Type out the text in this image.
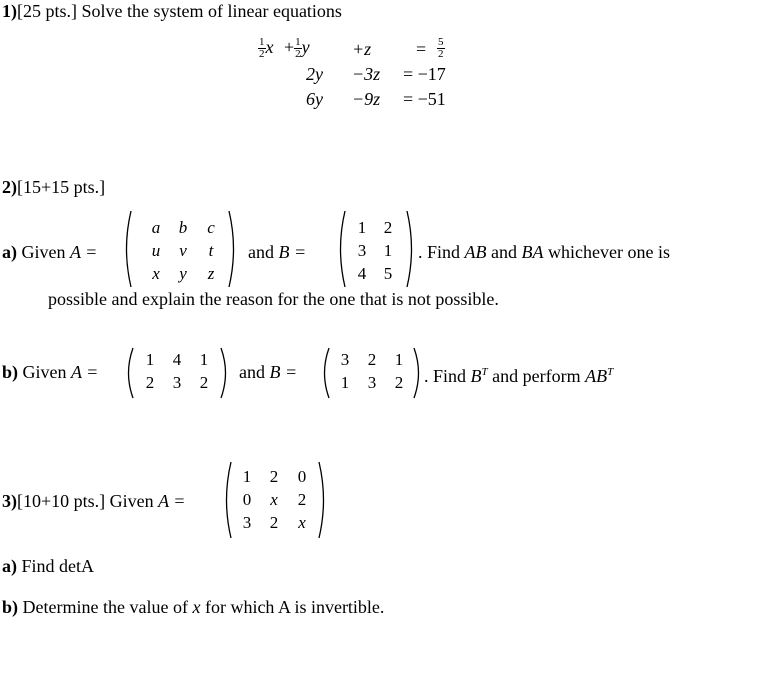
1)[25 pts.] Solve the system of linear equations
$\frac{1}{2}$ $x + \frac{1}{2}$ $y +z = \frac{5}{2}$
2y −3z = −17
6y −9z = −51
2)[15+15 pts.]
a) Given A =
a	b	c
u	v	t
x	y	z
and B =
1	2
3	1
4	5
. Find AB and BA whichever one is
possible and explain the reason for the one that is not possible.
b) Given A =
1	4	1
2	3	2
and B =
3	2	1
1	3	2	. Find $B^T$ and perform $AB^T$
3)[10+10 pts.] Given A =
1	2	0
0	x	2
3	2	x
a) Find detA
b) Determine the value of x for which A is invertible.
